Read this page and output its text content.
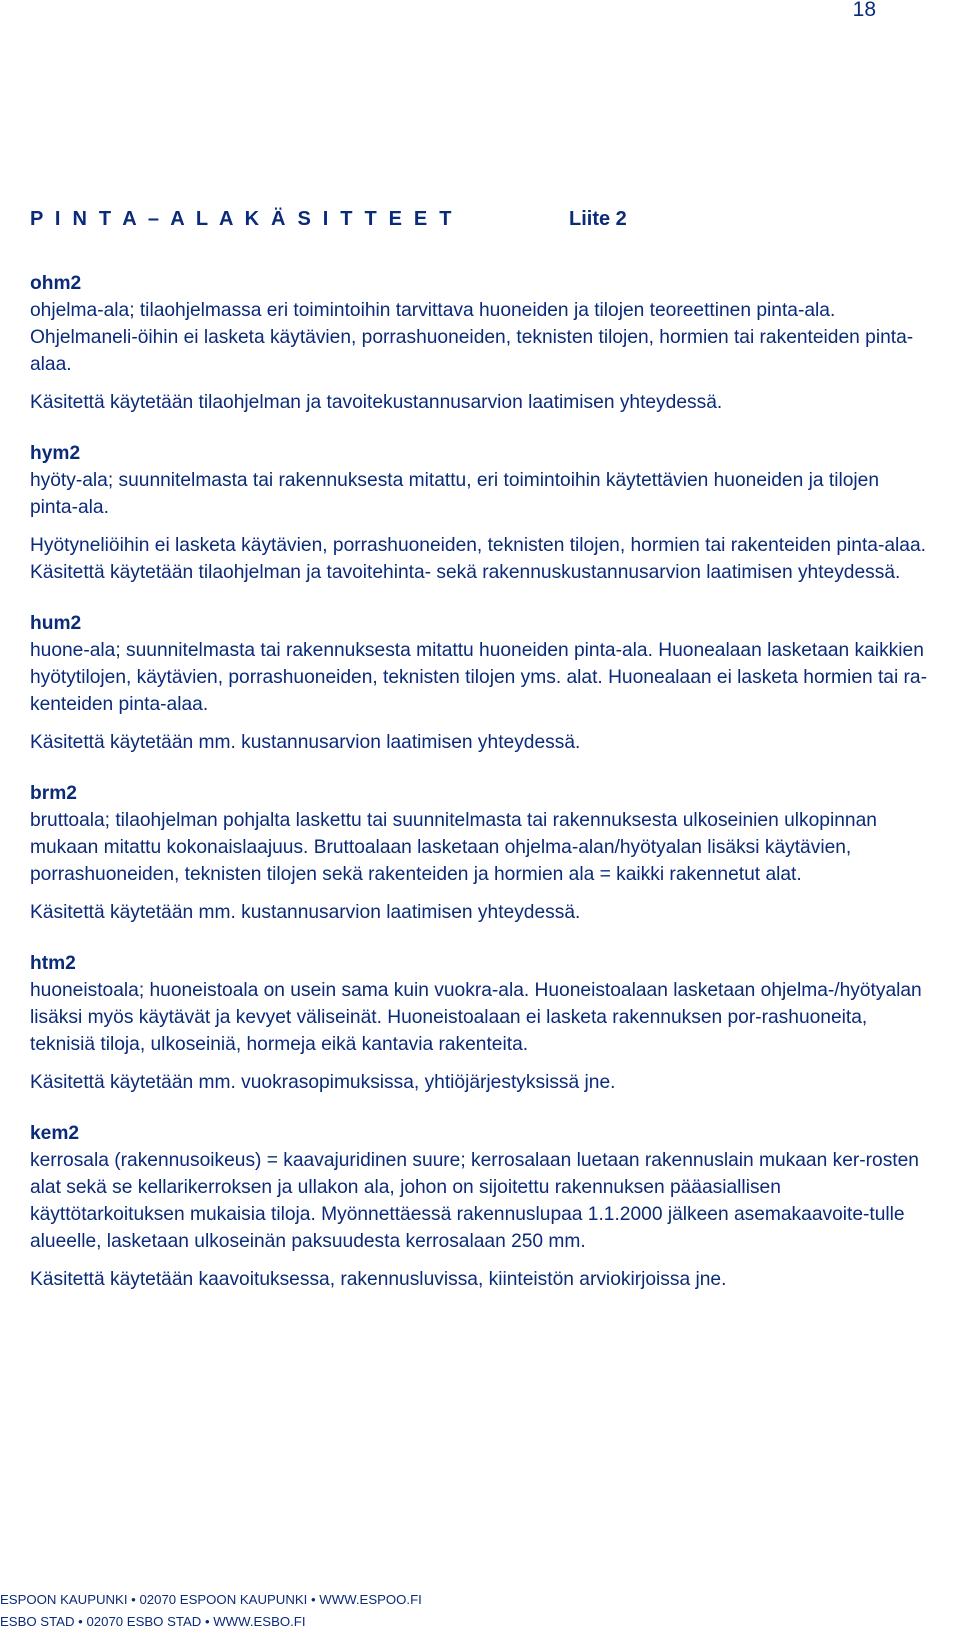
18
P I N T A – A L A K Ä S I T T E E T	Liite 2

ohm2

ohjelma-ala; tilaohjelmassa eri toimintoihin tarvittava huoneiden ja tilojen teoreettinen pinta-ala. Ohjelmaneli-öihin ei lasketa käytävien, porrashuoneiden, teknisten tilojen, hormien tai rakenteiden pinta-alaa.

Käsitettä käytetään tilaohjelman ja tavoitekustannusarvion laatimisen yhteydessä.

hym2

hyöty-ala; suunnitelmasta tai rakennuksesta mitattu, eri toimintoihin käytettävien huoneiden ja tilojen pinta-ala.

Hyötyneliöihin ei lasketa käytävien, porrashuoneiden, teknisten tilojen, hormien tai rakenteiden pinta-alaa. Käsitettä käytetään tilaohjelman ja tavoitehinta- sekä rakennuskustannusarvion laatimisen yhteydessä.

hum2

huone-ala; suunnitelmasta tai rakennuksesta mitattu huoneiden pinta-ala. Huonealaan lasketaan kaikkien hyötytilojen, käytävien, porrashuoneiden, teknisten tilojen yms. alat. Huonealaan ei lasketa hormien tai ra-kenteiden pinta-alaa.

Käsitettä käytetään mm. kustannusarvion laatimisen yhteydessä.

brm2

bruttoala; tilaohjelman pohjalta laskettu tai suunnitelmasta tai rakennuksesta ulkoseinien ulkopinnan mukaan mitattu kokonaislaajuus. Bruttoalaan lasketaan ohjelma-alan/hyötyalan lisäksi käytävien, porrashuoneiden, teknisten tilojen sekä rakenteiden ja hormien ala = kaikki rakennetut alat.

Käsitettä käytetään mm. kustannusarvion laatimisen yhteydessä.

htm2

huoneistoala; huoneistoala on usein sama kuin vuokra-ala. Huoneistoalaan lasketaan ohjelma-/hyötyalan lisäksi myös käytävät ja kevyet väliseinät. Huoneistoalaan ei lasketa rakennuksen por-rashuoneita, teknisiä tiloja, ulkoseiniä, hormeja eikä kantavia rakenteita.

Käsitettä käytetään mm. vuokrasopimuksissa, yhtiöjärjestyksissä jne.

kem2

kerrosala (rakennusoikeus) = kaavajuridinen suure; kerrosalaan luetaan rakennuslain mukaan ker-rosten alat sekä se kellarikerroksen ja ullakon ala, johon on sijoitettu rakennuksen pääasiallisen käyttötarkoituksen mukaisia tiloja. Myönnettäessä rakennuslupaa 1.1.2000 jälkeen asemakaavoite-tulle alueelle, lasketaan ulkoseinän paksuudesta kerrosalaan 250 mm.

Käsitettä käytetään kaavoituksessa, rakennusluvissa, kiinteistön arviokirjoissa jne.

ESPOON KAUPUNKI • 02070 ESPOON KAUPUNKI • WWW.ESPOO.FI
ESBO STAD • 02070 ESBO STAD • WWW.ESBO.FI
